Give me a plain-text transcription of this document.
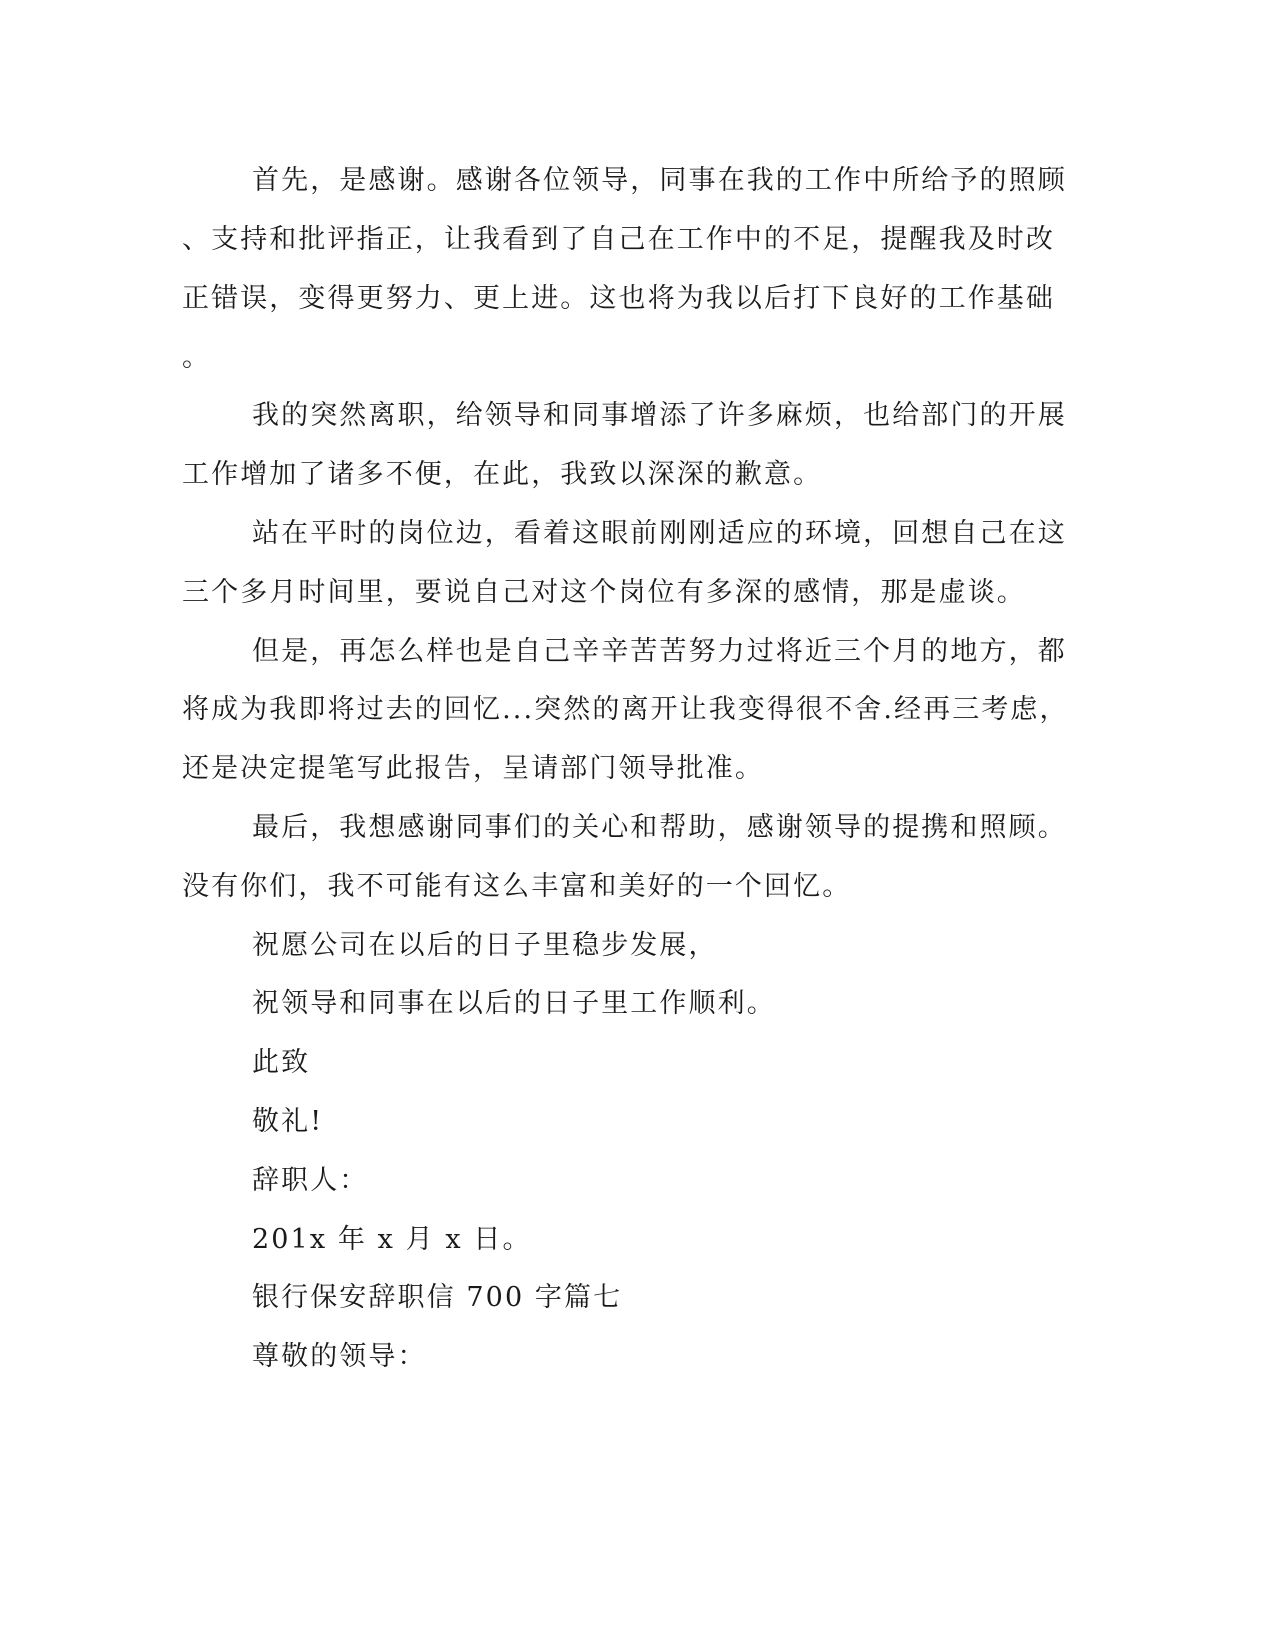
首先，是感谢。感谢各位领导，同事在我的工作中所给予的照顾

、支持和批评指正，让我看到了自己在工作中的不足，提醒我及时改

正错误，变得更努力、更上进。这也将为我以后打下良好的工作基础

。

我的突然离职，给领导和同事增添了许多麻烦，也给部门的开展

工作增加了诸多不便，在此，我致以深深的歉意。

站在平时的岗位边，看着这眼前刚刚适应的环境，回想自己在这

三个多月时间里，要说自己对这个岗位有多深的感情，那是虚谈。

但是，再怎么样也是自己辛辛苦苦努力过将近三个月的地方，都

将成为我即将过去的回忆...突然的离开让我变得很不舍.经再三考虑，

还是决定提笔写此报告，呈请部门领导批准。

最后，我想感谢同事们的关心和帮助，感谢领导的提携和照顾。

没有你们，我不可能有这么丰富和美好的一个回忆。

祝愿公司在以后的日子里稳步发展，

祝领导和同事在以后的日子里工作顺利。

此致

敬礼!

辞职人：

201x 年 x 月 x 日。

银行保安辞职信 700 字篇七

尊敬的领导：
